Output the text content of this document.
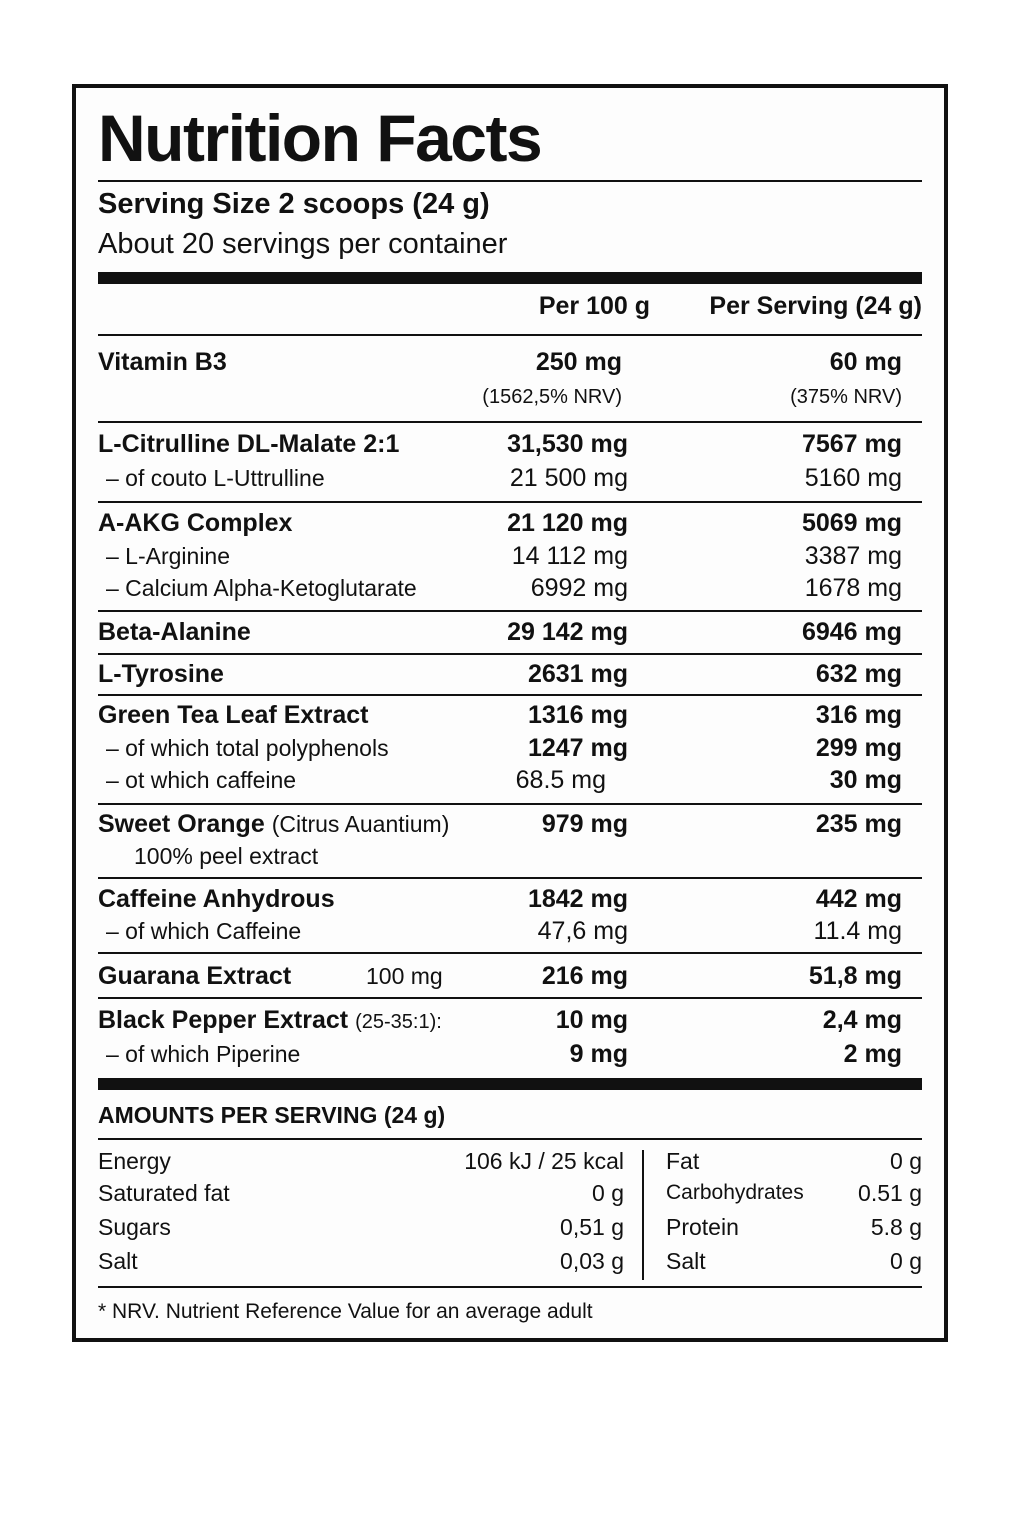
Nutrition Facts
Serving Size 2 scoops (24 g)
About 20 servings per container
Per 100 g Per Serving (24 g)
Vitamin B3	250 mg	60 mg
(1562,5% NRV)	(375% NRV)
L-Citrulline DL-Malate 2:1	31,530 mg	7567 mg
– of couto L-Uttrulline	21 500 mg	5160 mg
A-AKG Complex	21 120 mg	5069 mg
– L-Arginine	14 112 mg	3387 mg
– Calcium Alpha-Ketoglutarate	6992 mg	1678 mg
Beta-Alanine	29 142 mg	6946 mg
L-Tyrosine	2631 mg	632 mg
Green Tea Leaf Extract	1316 mg	316 mg
– of which total polyphenols	1247 mg	299 mg
– ot which caffeine	68.5 mg	30 mg
Sweet Orange (Citrus Auantium)	979 mg	235 mg
100% peel extract
Caffeine Anhydrous	1842 mg	442 mg
– of which Caffeine	47,6 mg	11.4 mg
Guarana Extract	100 mg	216 mg	51,8 mg
Black Pepper Extract (25-35:1):	10 mg	2,4 mg
– of which Piperine	9 mg	2 mg
AMOUNTS PER SERVING (24 g)
Energy	106 kJ / 25 kcal
Saturated fat	0 g
Sugars	0,51 g
Salt	0,03 g
Fat	0 g
Carbohydrates 0.51 g
Protein	5.8 g
Salt	0 g
* NRV. Nutrient Reference Value for an average adult
